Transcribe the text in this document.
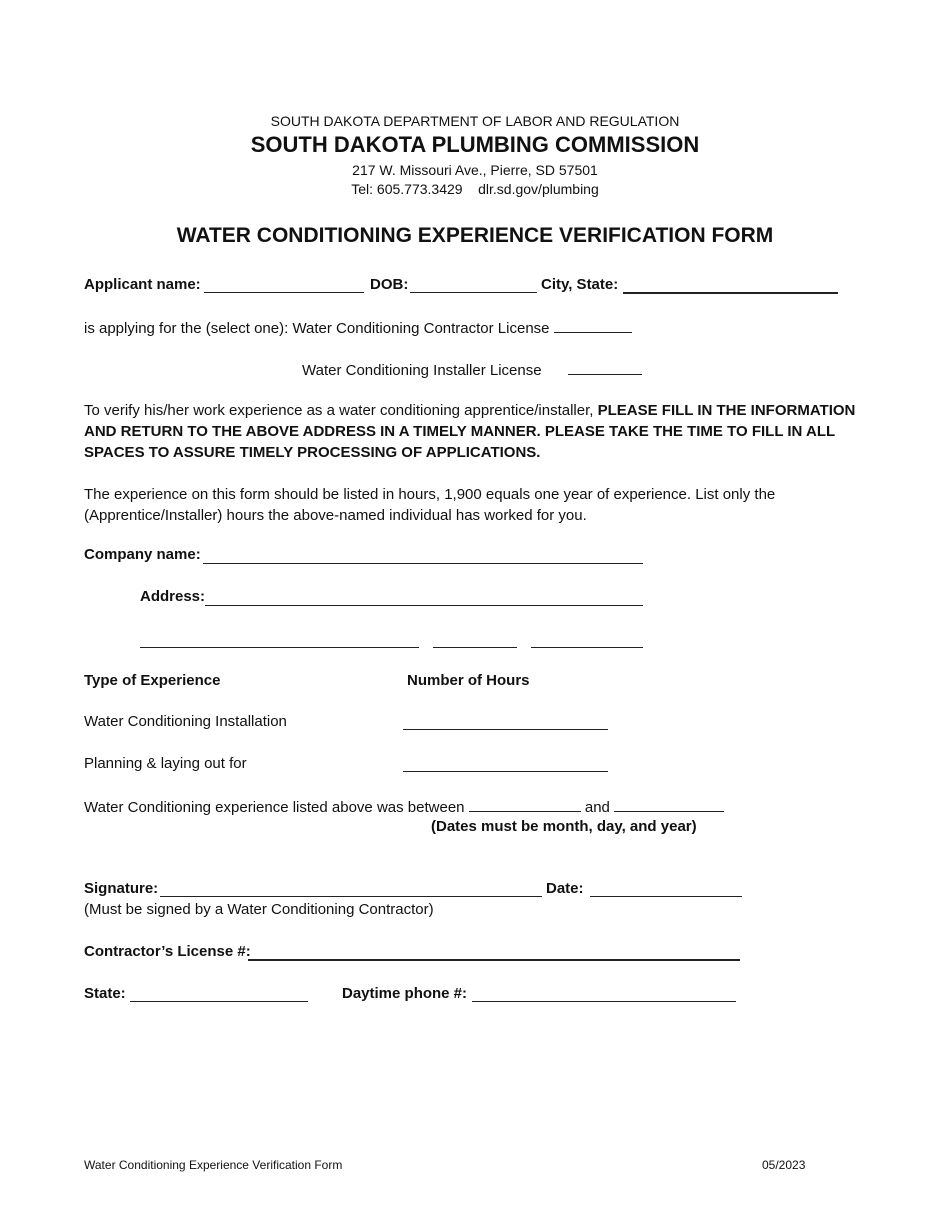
SOUTH DAKOTA DEPARTMENT OF LABOR AND REGULATION
SOUTH DAKOTA PLUMBING COMMISSION
217 W. Missouri Ave., Pierre, SD 57501
Tel: 605.773.3429 dlr.sd.gov/plumbing
WATER CONDITIONING EXPERIENCE VERIFICATION FORM
Applicant name:	DOB:	City, State:
is applying for the (select one): Water Conditioning Contractor License
Water Conditioning Installer License
To verify his/her work experience as a water conditioning apprentice/installer, PLEASE FILL IN THE INFORMATION AND RETURN TO THE ABOVE ADDRESS IN A TIMELY MANNER. PLEASE TAKE THE TIME TO FILL IN ALL SPACES TO ASSURE TIMELY PROCESSING OF APPLICATIONS.
The experience on this form should be listed in hours, 1,900 equals one year of experience. List only the (Apprentice/Installer) hours the above-named individual has worked for you.
Company name:
Address:
Type of Experience	Number of Hours
Water Conditioning Installation
Planning & laying out for
Water Conditioning experience listed above was between	and
(Dates must be month, day, and year)
Signature:	Date:
(Must be signed by a Water Conditioning Contractor)
Contractor’s License #:
State:	Daytime phone #:
Water Conditioning Experience Verification Form	05/2023
